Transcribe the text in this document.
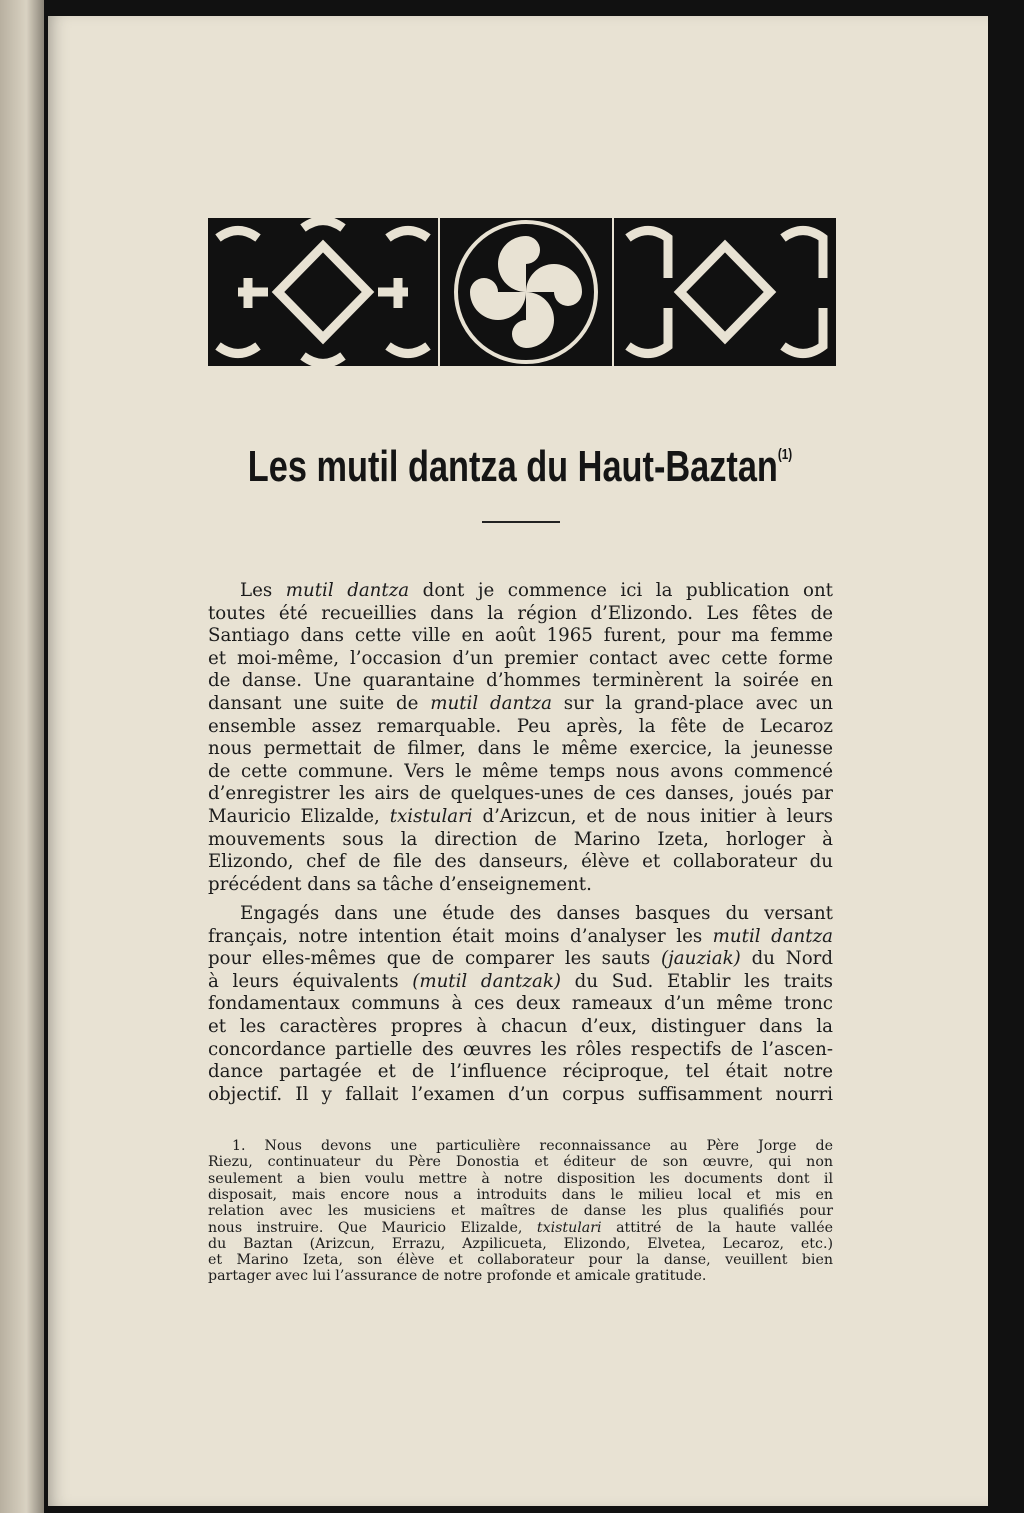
Les mutil dantza du Haut-Baztan$^{(1)}$
Les mutil dantza dont je commence ici la publication ont
toutes été recueillies dans la région d’Elizondo. Les fêtes de
Santiago dans cette ville en août 1965 furent, pour ma femme
et moi-même, l’occasion d’un premier contact avec cette forme
de danse. Une quarantaine d’hommes terminèrent la soirée en
dansant une suite de mutil dantza sur la grand-place avec un
ensemble assez remarquable. Peu après, la fête de Lecaroz
nous permettait de filmer, dans le même exercice, la jeunesse
de cette commune. Vers le même temps nous avons commencé
d’enregistrer les airs de quelques-unes de ces danses, joués par
Mauricio Elizalde, txistulari d’Arizcun, et de nous initier à leurs
mouvements sous la direction de Marino Izeta, horloger à
Elizondo, chef de file des danseurs, élève et collaborateur du
précédent dans sa tâche d’enseignement.
Engagés dans une étude des danses basques du versant
français, notre intention était moins d’analyser les mutil dantza
pour elles-mêmes que de comparer les sauts (jauziak) du Nord
à leurs équivalents (mutil dantzak) du Sud. Etablir les traits
fondamentaux communs à ces deux rameaux d’un même tronc
et les caractères propres à chacun d’eux, distinguer dans la
concordance partielle des œuvres les rôles respectifs de l’ascen-
dance partagée et de l’influence réciproque, tel était notre
objectif. Il y fallait l’examen d’un corpus suffisamment nourri
1. Nous devons une particulière reconnaissance au Père Jorge de
Riezu, continuateur du Père Donostia et éditeur de son œuvre, qui non
seulement a bien voulu mettre à notre disposition les documents dont il
disposait, mais encore nous a introduits dans le milieu local et mis en
relation avec les musiciens et maîtres de danse les plus qualifiés pour
nous instruire. Que Mauricio Elizalde, txistulari attitré de la haute vallée
du Baztan (Arizcun, Errazu, Azpilicueta, Elizondo, Elvetea, Lecaroz, etc.)
et Marino Izeta, son élève et collaborateur pour la danse, veuillent bien
partager avec lui l’assurance de notre profonde et amicale gratitude.
